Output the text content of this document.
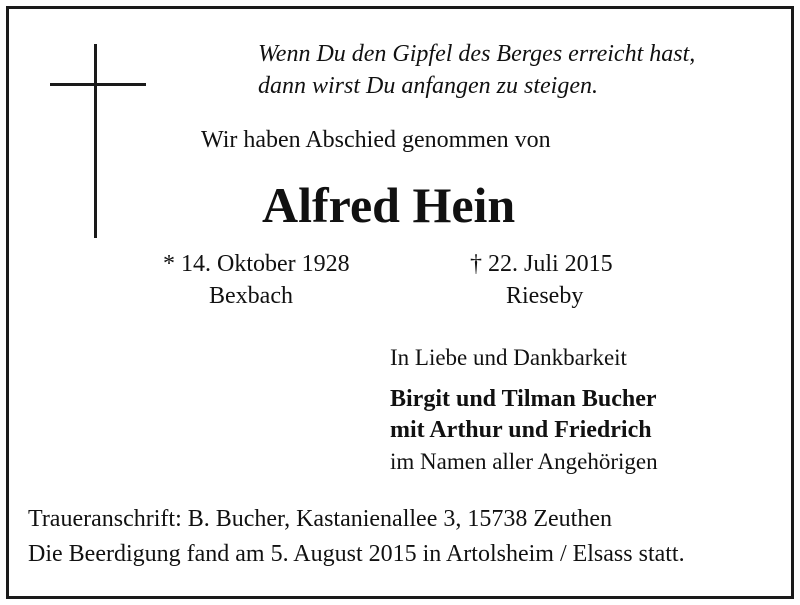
Wenn Du den Gipfel des Berges erreicht hast,
dann wirst Du anfangen zu steigen.
Wir haben Abschied genommen von
Alfred Hein
* 14. Oktober 1928
Bexbach
† 22. Juli 2015
Rieseby
In Liebe und Dankbarkeit
Birgit und Tilman Bucher
mit Arthur und Friedrich
im Namen aller Angehörigen
Traueranschrift: B. Bucher, Kastanienallee 3, 15738 Zeuthen
Die Beerdigung fand am 5. August 2015 in Artolsheim / Elsass statt.
